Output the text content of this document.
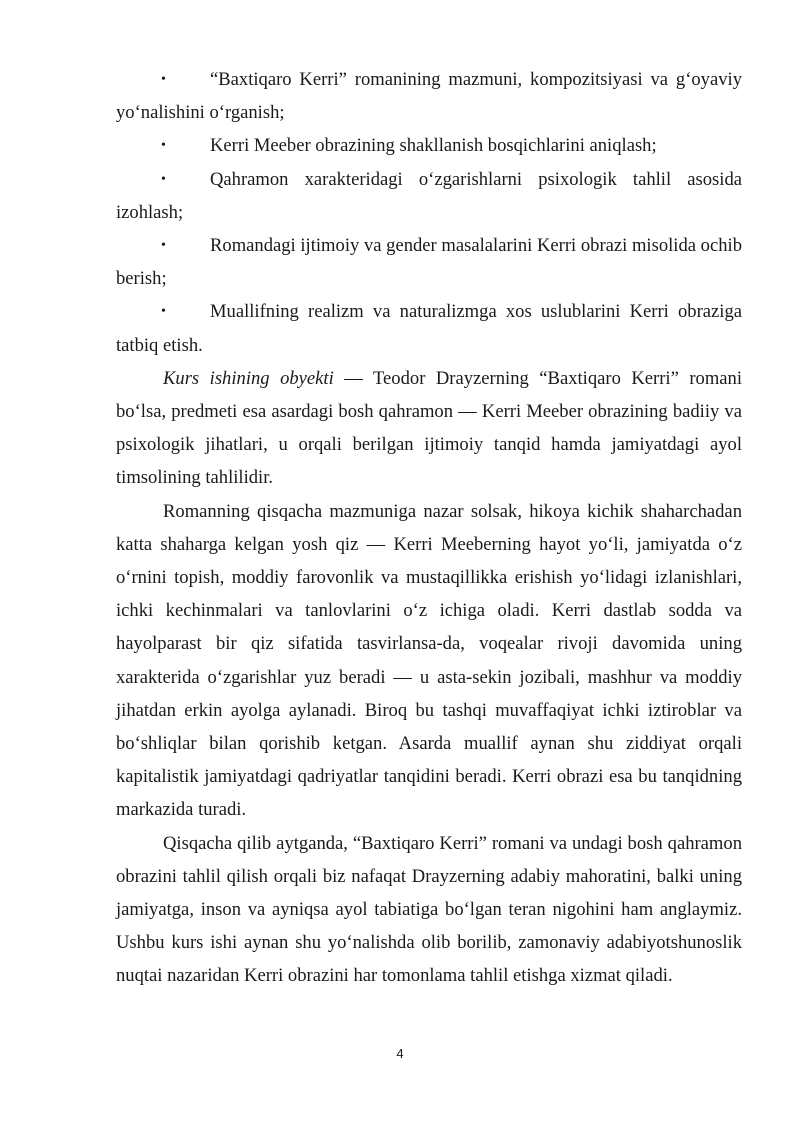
• “Baxtiqaro Kerri” romanining mazmuni, kompozitsiyasi va g‘oyaviy yo‘nalishini o‘rganish;

• Kerri Meeber obrazining shakllanish bosqichlarini aniqlash;

• Qahramon xarakteridagi o‘zgarishlarni psixologik tahlil asosida izohlash;

• Romandagi ijtimoiy va gender masalalarini Kerri obrazi misolida ochib berish;

• Muallifning realizm va naturalizmga xos uslublarini Kerri obraziga tatbiq etish.

Kurs ishining obyekti — Teodor Drayzerning “Baxtiqaro Kerri” romani bo‘lsa, predmeti esa asardagi bosh qahramon — Kerri Meeber obrazining badiiy va psixologik jihatlari, u orqali berilgan ijtimoiy tanqid hamda jamiyatdagi ayol timsolining tahlilidir.

Romanning qisqacha mazmuniga nazar solsak, hikoya kichik shaharchadan katta shaharga kelgan yosh qiz — Kerri Meeberning hayot yo‘li, jamiyatda o‘z o‘rnini topish, moddiy farovonlik va mustaqillikka erishish yo‘lidagi izlanishlari, ichki kechinmalari va tanlovlarini o‘z ichiga oladi. Kerri dastlab sodda va hayolparast bir qiz sifatida tasvirlansa-da, voqealar rivoji davomida uning xarakterida o‘zgarishlar yuz beradi — u asta-sekin jozibali, mashhur va moddiy jihatdan erkin ayolga aylanadi. Biroq bu tashqi muvaffaqiyat ichki iztiroblar va bo‘shliqlar bilan qorishib ketgan. Asarda muallif aynan shu ziddiyat orqali kapitalistik jamiyatdagi qadriyatlar tanqidini beradi. Kerri obrazi esa bu tanqidning markazida turadi.

Qisqacha qilib aytganda, “Baxtiqaro Kerri” romani va undagi bosh qahramon obrazini tahlil qilish orqali biz nafaqat Drayzerning adabiy mahoratini, balki uning jamiyatga, inson va ayniqsa ayol tabiatiga bo‘lgan teran nigohini ham anglaymiz. Ushbu kurs ishi aynan shu yo‘nalishda olib borilib, zamonaviy adabiyotshunoslik nuqtai nazaridan Kerri obrazini har tomonlama tahlil etishga xizmat qiladi.

4
